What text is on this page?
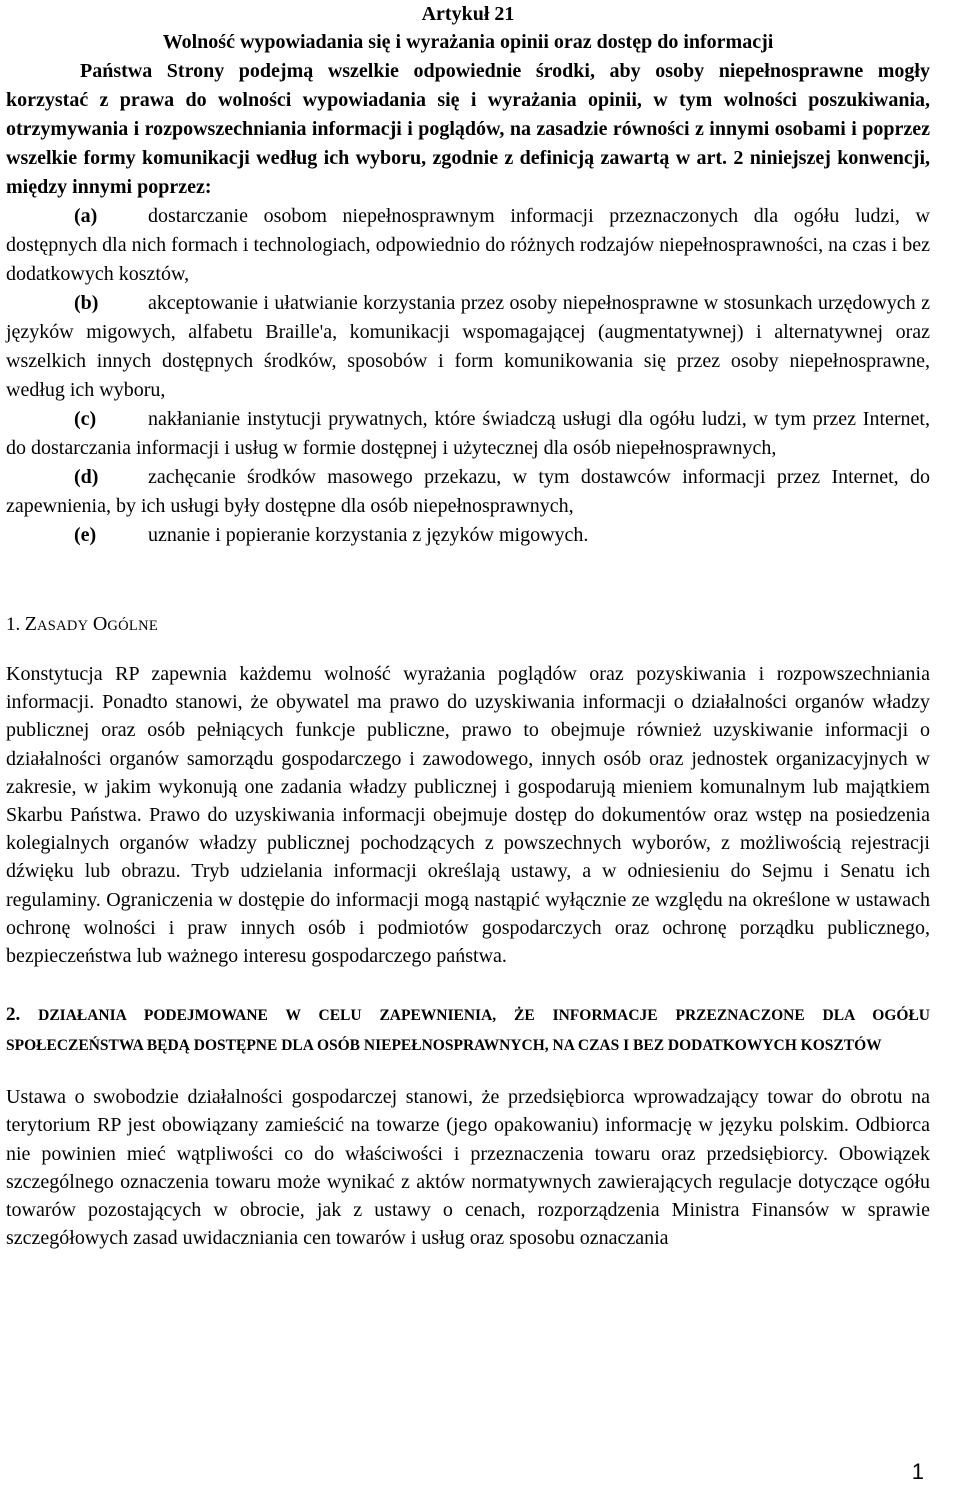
Artykuł 21

Wolność wypowiadania się i wyrażania opinii oraz dostęp do informacji

Państwa Strony podejmą wszelkie odpowiednie środki, aby osoby niepełnosprawne mogły korzystać z prawa do wolności wypowiadania się i wyrażania opinii, w tym wolności poszukiwania, otrzymywania i rozpowszechniania informacji i poglądów, na zasadzie równości z innymi osobami i poprzez wszelkie formy komunikacji według ich wyboru, zgodnie z definicją zawartą w art. 2 niniejszej konwencji, między innymi poprzez:

(a)	dostarczanie osobom niepełnosprawnym informacji przeznaczonych dla ogółu ludzi, w dostępnych dla nich formach i technologiach, odpowiednio do różnych rodzajów niepełnosprawności, na czas i bez dodatkowych kosztów,

(b) akceptowanie i ułatwianie korzystania przez osoby niepełnosprawne w stosunkach urzędowych z języków migowych, alfabetu Braille'a, komunikacji wspomagającej (augmentatywnej) i alternatywnej oraz wszelkich innych dostępnych środków, sposobów i form komunikowania się przez osoby niepełnosprawne, według ich wyboru,

(c)	nakłanianie instytucji prywatnych, które świadczą usługi dla ogółu ludzi, w tym przez Internet, do dostarczania informacji i usług w formie dostępnej i użytecznej dla osób niepełnosprawnych,

(d) zachęcanie środków masowego przekazu, w tym dostawców informacji przez Internet, do zapewnienia, by ich usługi były dostępne dla osób niepełnosprawnych,

(e)	uznanie i popieranie korzystania z języków migowych.

1. ZASADY OGÓLNE

Konstytucja RP zapewnia każdemu wolność wyrażania poglądów oraz pozyskiwania i rozpowszechniania informacji. Ponadto stanowi, że obywatel ma prawo do uzyskiwania informacji o działalności organów władzy publicznej oraz osób pełniących funkcje publiczne, prawo to obejmuje również uzyskiwanie informacji o działalności organów samorządu gospodarczego i zawodowego, innych osób oraz jednostek organizacyjnych w zakresie, w jakim wykonują one zadania władzy publicznej i gospodarują mieniem komunalnym lub majątkiem Skarbu Państwa. Prawo do uzyskiwania informacji obejmuje dostęp do dokumentów oraz wstęp na posiedzenia kolegialnych organów władzy publicznej pochodzących z powszechnych wyborów, z możliwością rejestracji dźwięku lub obrazu. Tryb udzielania informacji określają ustawy, a w odniesieniu do Sejmu i Senatu ich regulaminy. Ograniczenia w dostępie do informacji mogą nastąpić wyłącznie ze względu na określone w ustawach ochronę wolności i praw innych osób i podmiotów gospodarczych oraz ochronę porządku publicznego, bezpieczeństwa lub ważnego interesu gospodarczego państwa.

2. DZIAŁANIA PODEJMOWANE W CELU ZAPEWNIENIA, ŻE INFORMACJE PRZEZNACZONE DLA OGÓŁU SPOŁECZEŃSTWA BĘDĄ DOSTĘPNE DLA OSÓB NIEPEŁNOSPRAWNYCH, NA CZAS I BEZ DODATKOWYCH KOSZTÓW

Ustawa o swobodzie działalności gospodarczej stanowi, że przedsiębiorca wprowadzający towar do obrotu na terytorium RP jest obowiązany zamieścić na towarze (jego opakowaniu) informację w języku polskim. Odbiorca nie powinien mieć wątpliwości co do właściwości i przeznaczenia towaru oraz przedsiębiorcy. Obowiązek szczególnego oznaczenia towaru może wynikać z aktów normatywnych zawierających regulacje dotyczące ogółu towarów pozostających w obrocie, jak z ustawy o cenach, rozporządzenia Ministra Finansów w sprawie szczegółowych zasad uwidaczniania cen towarów i usług oraz sposobu oznaczania

1
